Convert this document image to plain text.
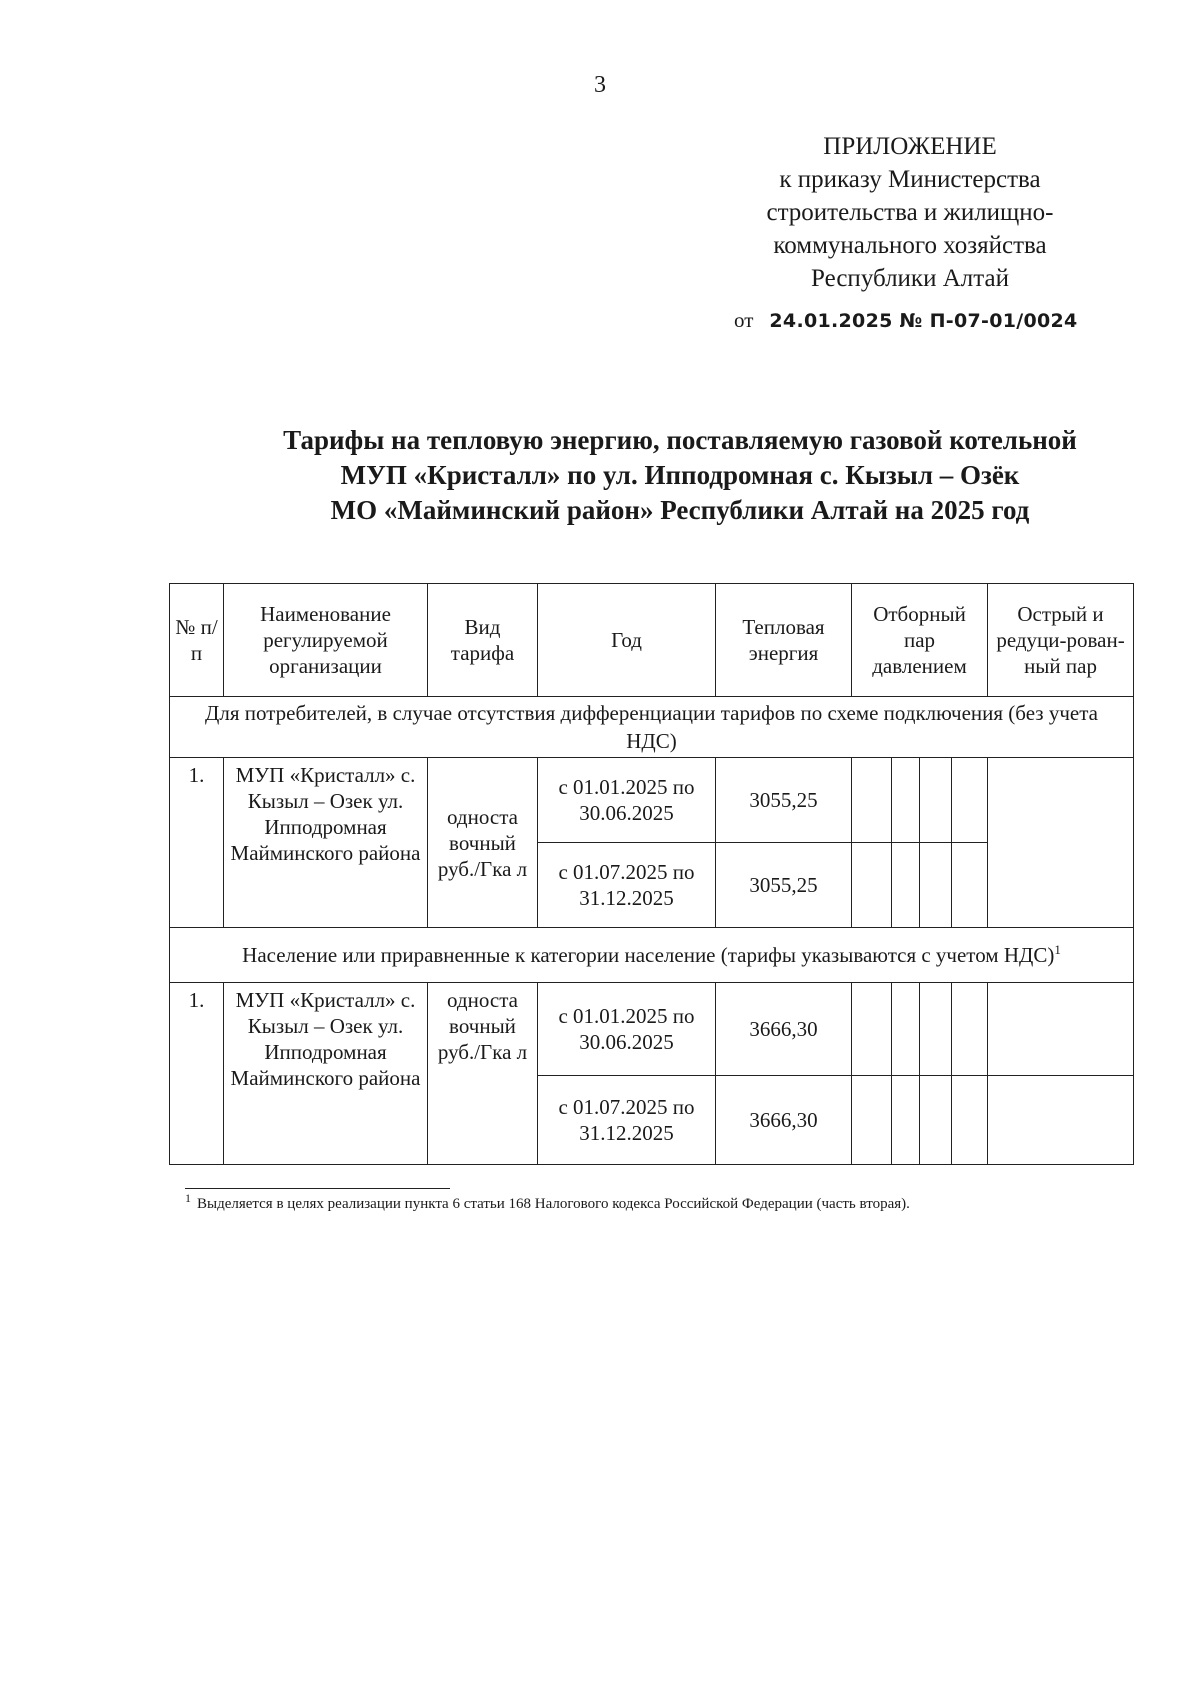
3
ПРИЛОЖЕНИЕ
к приказу Министерства
строительства и жилищно-
коммунального хозяйства
Республики Алтай
от 24.01.2025 № П-07-01/0024
Тарифы на тепловую энергию, поставляемую газовой котельной
МУП «Кристалл» по ул. Ипподромная с. Кызыл – Озёк
МО «Майминский район» Республики Алтай на 2025 год
№ п/п	Наименование регулируемой организации	Вид тарифа	Год	Тепловая энергия	Отборный пар давлением				Острый и редуци-рован-ный пар
Для потребителей, в случае отсутствия дифференциации тарифов по схеме подключения (без учета НДС)									
1.	МУП «Кристалл» с. Кызыл – Озек ул. Ипподромная Майминского района	односта вочный руб./Гка л	с 01.01.2025 по 30.06.2025	3055,25					
			с 01.07.2025 по 31.12.2025	3055,25					
Население или приравненные к категории население (тарифы указываются с учетом НДС)$^1$
1.	МУП «Кристалл» с. Кызыл – Озек ул. Ипподромная Майминского района	односта вочный руб./Гка л	с 01.01.2025 по 30.06.2025	3666,30					
			с 01.07.2025 по 31.12.2025	3666,30					
$^1$ Выделяется в целях реализации пункта 6 статьи 168 Налогового кодекса Российской Федерации (часть вторая).
